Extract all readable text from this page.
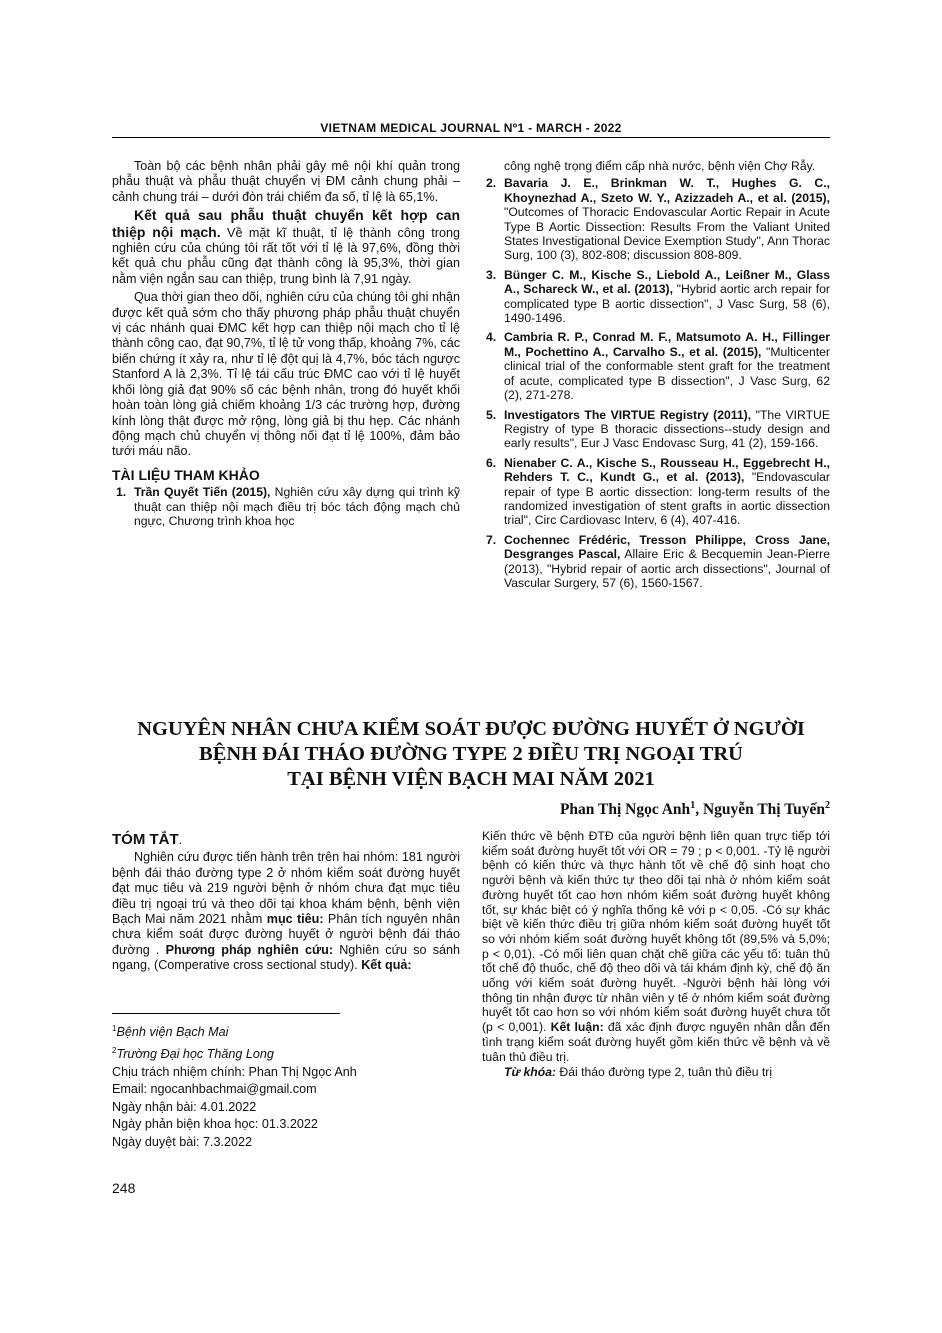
VIETNAM MEDICAL JOURNAL Nº1 - MARCH - 2022

Toàn bộ các bệnh nhân phải gây mê nội khí quản trong phẫu thuật và phẫu thuật chuyển vị ĐM cảnh chung phải – cảnh chung trái – dưới đòn trái chiếm đa số, tỉ lệ là 65,1%.

Kết quả sau phẫu thuật chuyển kết hợp can thiệp nội mạch. Về mặt kĩ thuật, tỉ lệ thành công trong nghiên cứu của chúng tôi rất tốt với tỉ lệ là 97,6%, đồng thời kết quả chu phẫu cũng đạt thành công là 95,3%, thời gian nằm viện ngắn sau can thiệp, trung bình là 7,91 ngày.

Qua thời gian theo dõi, nghiên cứu của chúng tôi ghi nhận được kết quả sớm cho thấy phương pháp phẫu thuật chuyển vị các nhánh quai ĐMC kết hợp can thiệp nội mạch cho tỉ lệ thành công cao, đạt 90,7%, tỉ lệ tử vong thấp, khoảng 7%, các biến chứng ít xảy ra, như tỉ lệ đột quị là 4,7%, bóc tách ngược Stanford A là 2,3%. Tỉ lệ tái cấu trúc ĐMC cao với tỉ lệ huyết khối lòng giả đạt 90% số các bệnh nhân, trong đó huyết khối hoàn toàn lòng giả chiếm khoảng 1/3 các trường hợp, đường kính lòng thật được mở rộng, lòng giả bị thu hẹp. Các nhánh động mạch chủ chuyển vị thông nối đạt tỉ lệ 100%, đảm bảo tưới máu não.

TÀI LIỆU THAM KHẢO
1. Trần Quyết Tiến (2015), Nghiên cứu xây dựng qui trình kỹ thuật can thiệp nội mạch điều trị bóc tách động mạch chủ ngực, Chương trình khoa học
công nghệ trọng điểm cấp nhà nước, bệnh viện Chợ Rẫy.
2. Bavaria J. E., Brinkman W. T., Hughes G. C., Khoynezhad A., Szeto W. Y., Azizzadeh A., et al. (2015), "Outcomes of Thoracic Endovascular Aortic Repair in Acute Type B Aortic Dissection: Results From the Valiant United States Investigational Device Exemption Study", Ann Thorac Surg, 100 (3), 802-808; discussion 808-809.
3. Bünger C. M., Kische S., Liebold A., Leißner M., Glass A., Schareck W., et al. (2013), "Hybrid aortic arch repair for complicated type B aortic dissection", J Vasc Surg, 58 (6), 1490-1496.
4. Cambria R. P., Conrad M. F., Matsumoto A. H., Fillinger M., Pochettino A., Carvalho S., et al. (2015), "Multicenter clinical trial of the conformable stent graft for the treatment of acute, complicated type B dissection", J Vasc Surg, 62 (2), 271-278.
5. Investigators The VIRTUE Registry (2011), "The VIRTUE Registry of type B thoracic dissections--study design and early results", Eur J Vasc Endovasc Surg, 41 (2), 159-166.
6. Nienaber C. A., Kische S., Rousseau H., Eggebrecht H., Rehders T. C., Kundt G., et al. (2013), "Endovascular repair of type B aortic dissection: long-term results of the randomized investigation of stent grafts in aortic dissection trial", Circ Cardiovasc Interv, 6 (4), 407-416.
7. Cochennec Frédéric, Tresson Philippe, Cross Jane, Desgranges Pascal, Allaire Eric & Becquemin Jean-Pierre (2013), "Hybrid repair of aortic arch dissections", Journal of Vascular Surgery, 57 (6), 1560-1567.
NGUYÊN NHÂN CHƯA KIỂM SOÁT ĐƯỢC ĐƯỜNG HUYẾT Ở NGƯỜI
BỆNH ĐÁI THÁO ĐƯỜNG TYPE 2 ĐIỀU TRỊ NGOẠI TRÚ
TẠI BỆNH VIỆN BẠCH MAI NĂM 2021
Phan Thị Ngọc Anh$^1$, Nguyễn Thị Tuyến$^2$
TÓM TẮT.

Nghiên cứu được tiến hành trên trên hai nhóm: 181 người bệnh đái tháo đường type 2 ở nhóm kiểm soát đường huyết đạt mục tiêu và 219 người bệnh ở nhóm chưa đạt mục tiêu điều trị ngoại trú và theo dõi tại khoa khám bệnh, bệnh viện Bạch Mai năm 2021 nhằm mục tiêu: Phân tích nguyên nhân chưa kiểm soát được đường huyết ở người bệnh đái tháo đường . Phương pháp nghiên cứu: Nghiên cứu so sánh ngang, (Comperative cross sectional study). Kết quả:

$^1$Bệnh viện Bạch Mai
$^2$Trường Đại học Thăng Long
Chịu trách nhiệm chính: Phan Thị Ngọc Anh
Email: ngocanhbachmai@gmail.com
Ngày nhận bài: 4.01.2022
Ngày phản biện khoa học: 01.3.2022
Ngày duyệt bài: 7.3.2022
Kiến thức về bệnh ĐTĐ của người bệnh liên quan trực tiếp tới kiểm soát đường huyết tốt với OR = 79 ; p < 0,001. -Tỷ lệ người bệnh có kiến thức và thực hành tốt về chế độ sinh hoạt cho người bệnh và kiến thức tự theo dõi tại nhà ở nhóm kiểm soát đường huyết tốt cao hơn nhóm kiểm soát đường huyết không tốt, sự khác biệt có ý nghĩa thống kê với p < 0,05. -Có sự khác biệt về kiến thức điều trị giữa nhóm kiểm soát đường huyết tốt so với nhóm kiểm soát đường huyết không tốt (89,5% và 5,0%; p < 0,01). -Có mối liên quan chặt chẽ giữa các yếu tố: tuân thủ tốt chế độ thuốc, chế độ theo dõi và tái khám định kỳ, chế độ ăn uống với kiểm soát đường huyết. -Người bệnh hài lòng với thông tin nhận được từ nhân viên y tế ở nhóm kiểm soát đường huyết tốt cao hơn so với nhóm kiểm soát đường huyết chưa tốt (p < 0,001). Kết luận: đã xác định được nguyên nhân dẫn đến tình trạng kiểm soát đường huyết gồm kiến thức về bệnh và về tuân thủ điều trị.

Từ khóa: Đái tháo đường type 2, tuân thủ điều trị

248
